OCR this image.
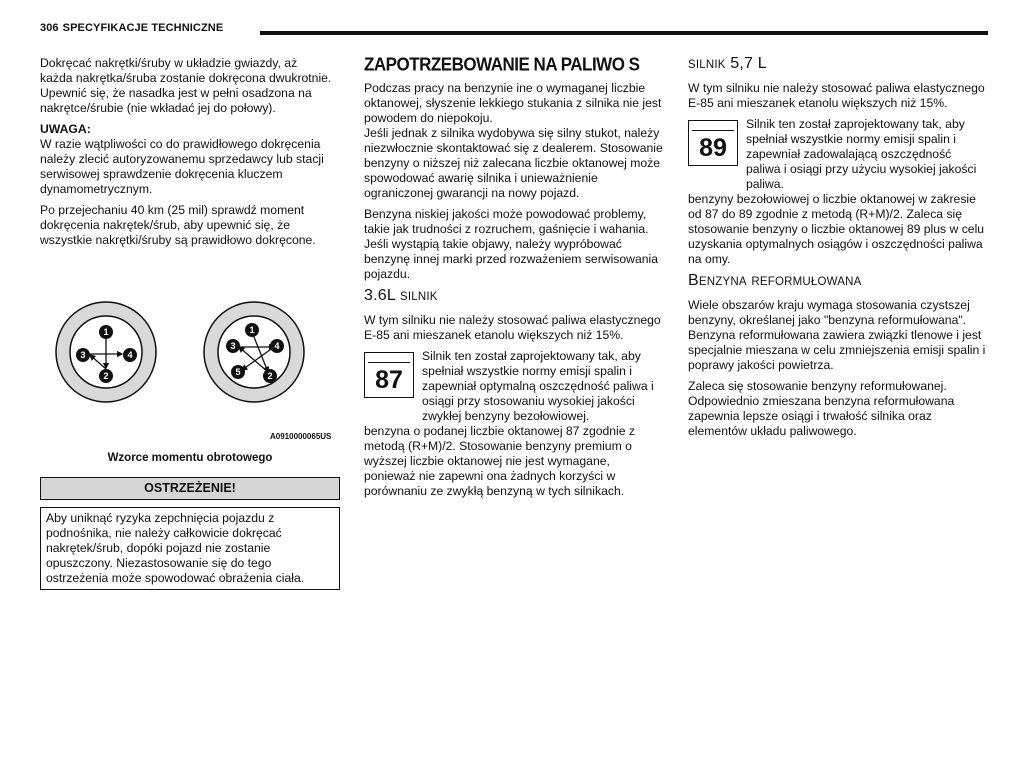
306 SPECYFIKACJE TECHNICZNE

Dokręcać nakrętki/śruby w układzie gwiazdy, aż każda nakrętka/śruba zostanie dokręcona dwukrotnie. Upewnić się, że nasadka jest w pełni osadzona na nakrętce/śrubie (nie wkładać jej do połowy).

UWAGA:

W razie wątpliwości co do prawidłowego dokręcenia należy zlecić autoryzowanemu sprzedawcy lub stacji serwisowej sprawdzenie dokręcenia kluczem dynamometrycznym.

Po przejechaniu 40 km (25 mil) sprawdź moment dokręcenia nakrętek/śrub, aby upewnić się, że wszystkie nakrętki/śruby są prawidłowo dokręcone.

1
2
3	4
1
2
3	4
5
A0910000065US
Wzorce momentu obrotowego
OSTRZEŻENIE!
Aby uniknąć ryzyka zepchnięcia pojazdu z podnośnika, nie należy całkowicie dokręcać nakrętek/śrub, dopóki pojazd nie zostanie opuszczony. Niezastosowanie się do tego ostrzeżenia może spowodować obrażenia ciała.
ZAPOTRZEBOWANIE NA PALIWO S

Podczas pracy na benzynie ine o wymaganej liczbie oktanowej, słyszenie lekkiego stukania z silnika nie jest powodem do niepokoju.

Jeśli jednak z silnika wydobywa się silny stukot, należy niezwłocznie skontaktować się z dealerem. Stosowanie benzyny o niższej niż zalecana liczbie oktanowej może spowodować awarię silnika i unieważnienie ograniczonej gwarancji na nowy pojazd.

Benzyna niskiej jakości może powodować problemy, takie jak trudności z rozruchem, gaśnięcie i wahania. Jeśli wystąpią takie objawy, należy wypróbować benzynę innej marki przed rozważeniem serwisowania pojazdu.

3.6L SILNIK

W tym silniku nie należy stosować paliwa elastycznego E-85 ani mieszanek etanolu większych niż 15%.

87
Silnik ten został zaprojektowany tak, aby spełniał wszystkie normy emisji spalin i zapewniał optymalną oszczędność paliwa i osiągi przy stosowaniu wysokiej jakości zwykłej benzyny bezołowiowej.

benzyna o podanej liczbie oktanowej 87 zgodnie z metodą (R+M)/2. Stosowanie benzyny premium o wyższej liczbie oktanowej nie jest wymagane, ponieważ nie zapewni ona żadnych korzyści w porównaniu ze zwykłą benzyną w tych silnikach.

SILNIK 5,7 L

W tym silniku nie należy stosować paliwa elastycznego E-85 ani mieszanek etanolu większych niż 15%.

89
Silnik ten został zaprojektowany tak, aby spełniał wszystkie normy emisji spalin i zapewniał zadowalającą oszczędność paliwa i osiągi przy użyciu wysokiej jakości paliwa.

benzyny bezołowiowej o liczbie oktanowej w zakresie od 87 do 89 zgodnie z metodą (R+M)/2. Zaleca się stosowanie benzyny o liczbie oktanowej 89 plus w celu uzyskania optymalnych osiągów i oszczędności paliwa na omy.

BENZYNA REFORMUŁOWANA

Wiele obszarów kraju wymaga stosowania czystszej benzyny, określanej jako "benzyna reformułowana". Benzyna reformułowana zawiera związki tlenowe i jest specjalnie mieszana w celu zmniejszenia emisji spalin i poprawy jakości powietrza.

Zaleca się stosowanie benzyny reformułowanej. Odpowiednio zmieszana benzyna reformułowana zapewnia lepsze osiągi i trwałość silnika oraz elementów układu paliwowego.
